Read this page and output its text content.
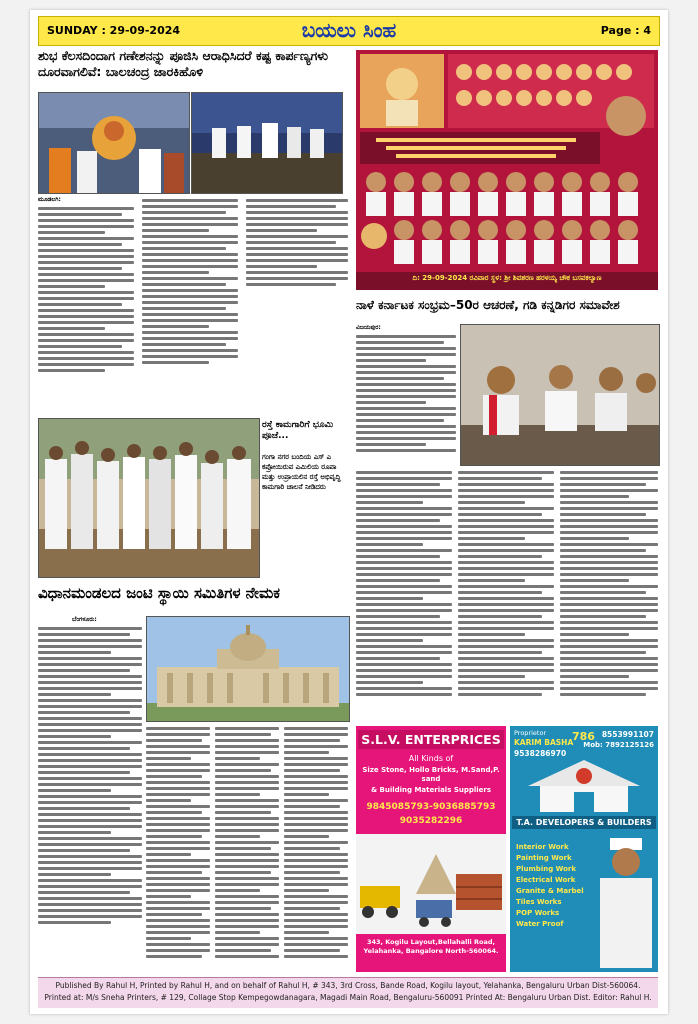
SUNDAY : 29-09-2024	ಬಯಲು ಸಿಂಹ	Page : 4
ಶುಭ ಕೆಲಸದಿಂದಾಗ ಗಣೇಶನನ್ನು ಪೂಜಿಸಿ ಆರಾಧಿಸಿದರೆ ಕಷ್ಟ ಕಾರ್ಪಣ್ಯಗಳು ದೂರವಾಗಲಿವೆ: ಬಾಲಚಂದ್ರ ಜಾರಕಿಹೊಳಿ
ಮೂಡಲಗಿ:
ರಸ್ತೆ ಕಾಮಗಾರಿಗೆ ಭೂಮಿ ಪೂಜೆ...
ಗಂಗಾ ನಗರ ಬಂದಿಯ ಎಸ್ ಎ ಕಪ್ರೋಯಿರುವ ಎಮಿಲಿಯ ರೂಪಾ ಮತ್ತು ಉಪ್ರಾಯಲಿನ ರಸ್ತೆ ಅಭಿವೃದ್ಧಿ ಕಾಮಗಾರಿ ಚಾಲನೆ ನೀಡಿದರು
ವಿಧಾನಮಂಡಲದ ಜಂಟಿ ಸ್ಥಾಯಿ ಸಮಿತಿಗಳ ನೇಮಕ
ಬೆಂಗಳೂರು:
ದಿ: 29-09-2024 ರವಿವಾರ ಸ್ಥಳ: ಶ್ರೀ ಶಿವಶರಣ ಹರಳಯ್ಯ ಚೌಕ ಬಸವಕಲ್ಯಾಣ
ನಾಳೆ ಕರ್ನಾಟಕ ಸಂಭ್ರಮ–50ರ ಆಚರಣೆ, ಗಡಿ ಕನ್ನಡಿಗರ ಸಮಾವೇಶ
ವಿಜಯಪುರ:
S.L.V. ENTERPRICES
All Kinds of
Size Stone, Hollo Bricks, M.Sand,P. sand
& Building Materials Suppliers
9845085793-9036885793
9035282296
343, Kogilu Layout,Bellahalli Road, Yelahanka, Bangalore North-560064.
Proprietor
KARIM BASHA
9538286970
786 8553991107
Mob: 7892125126
T.A. DEVELOPERS & BUILDERS
Interior Work
Painting Work
Plumbing Work
Electrical Work
Granite & Marbel
Tiles Works
POP Works
Water Proof
Published By Rahul H, Printed by Rahul H, and on behalf of Rahul H, # 343, 3rd Cross, Bande Road, Kogilu layout, Yelahanka, Bengaluru Urban Dist-560064.
Printed at: M/s Sneha Printers, # 129, Collage Stop Kempegowdanagara, Magadi Main Road, Bengaluru-560091 Printed At: Bengaluru Urban Dist. Editor: Rahul H.
